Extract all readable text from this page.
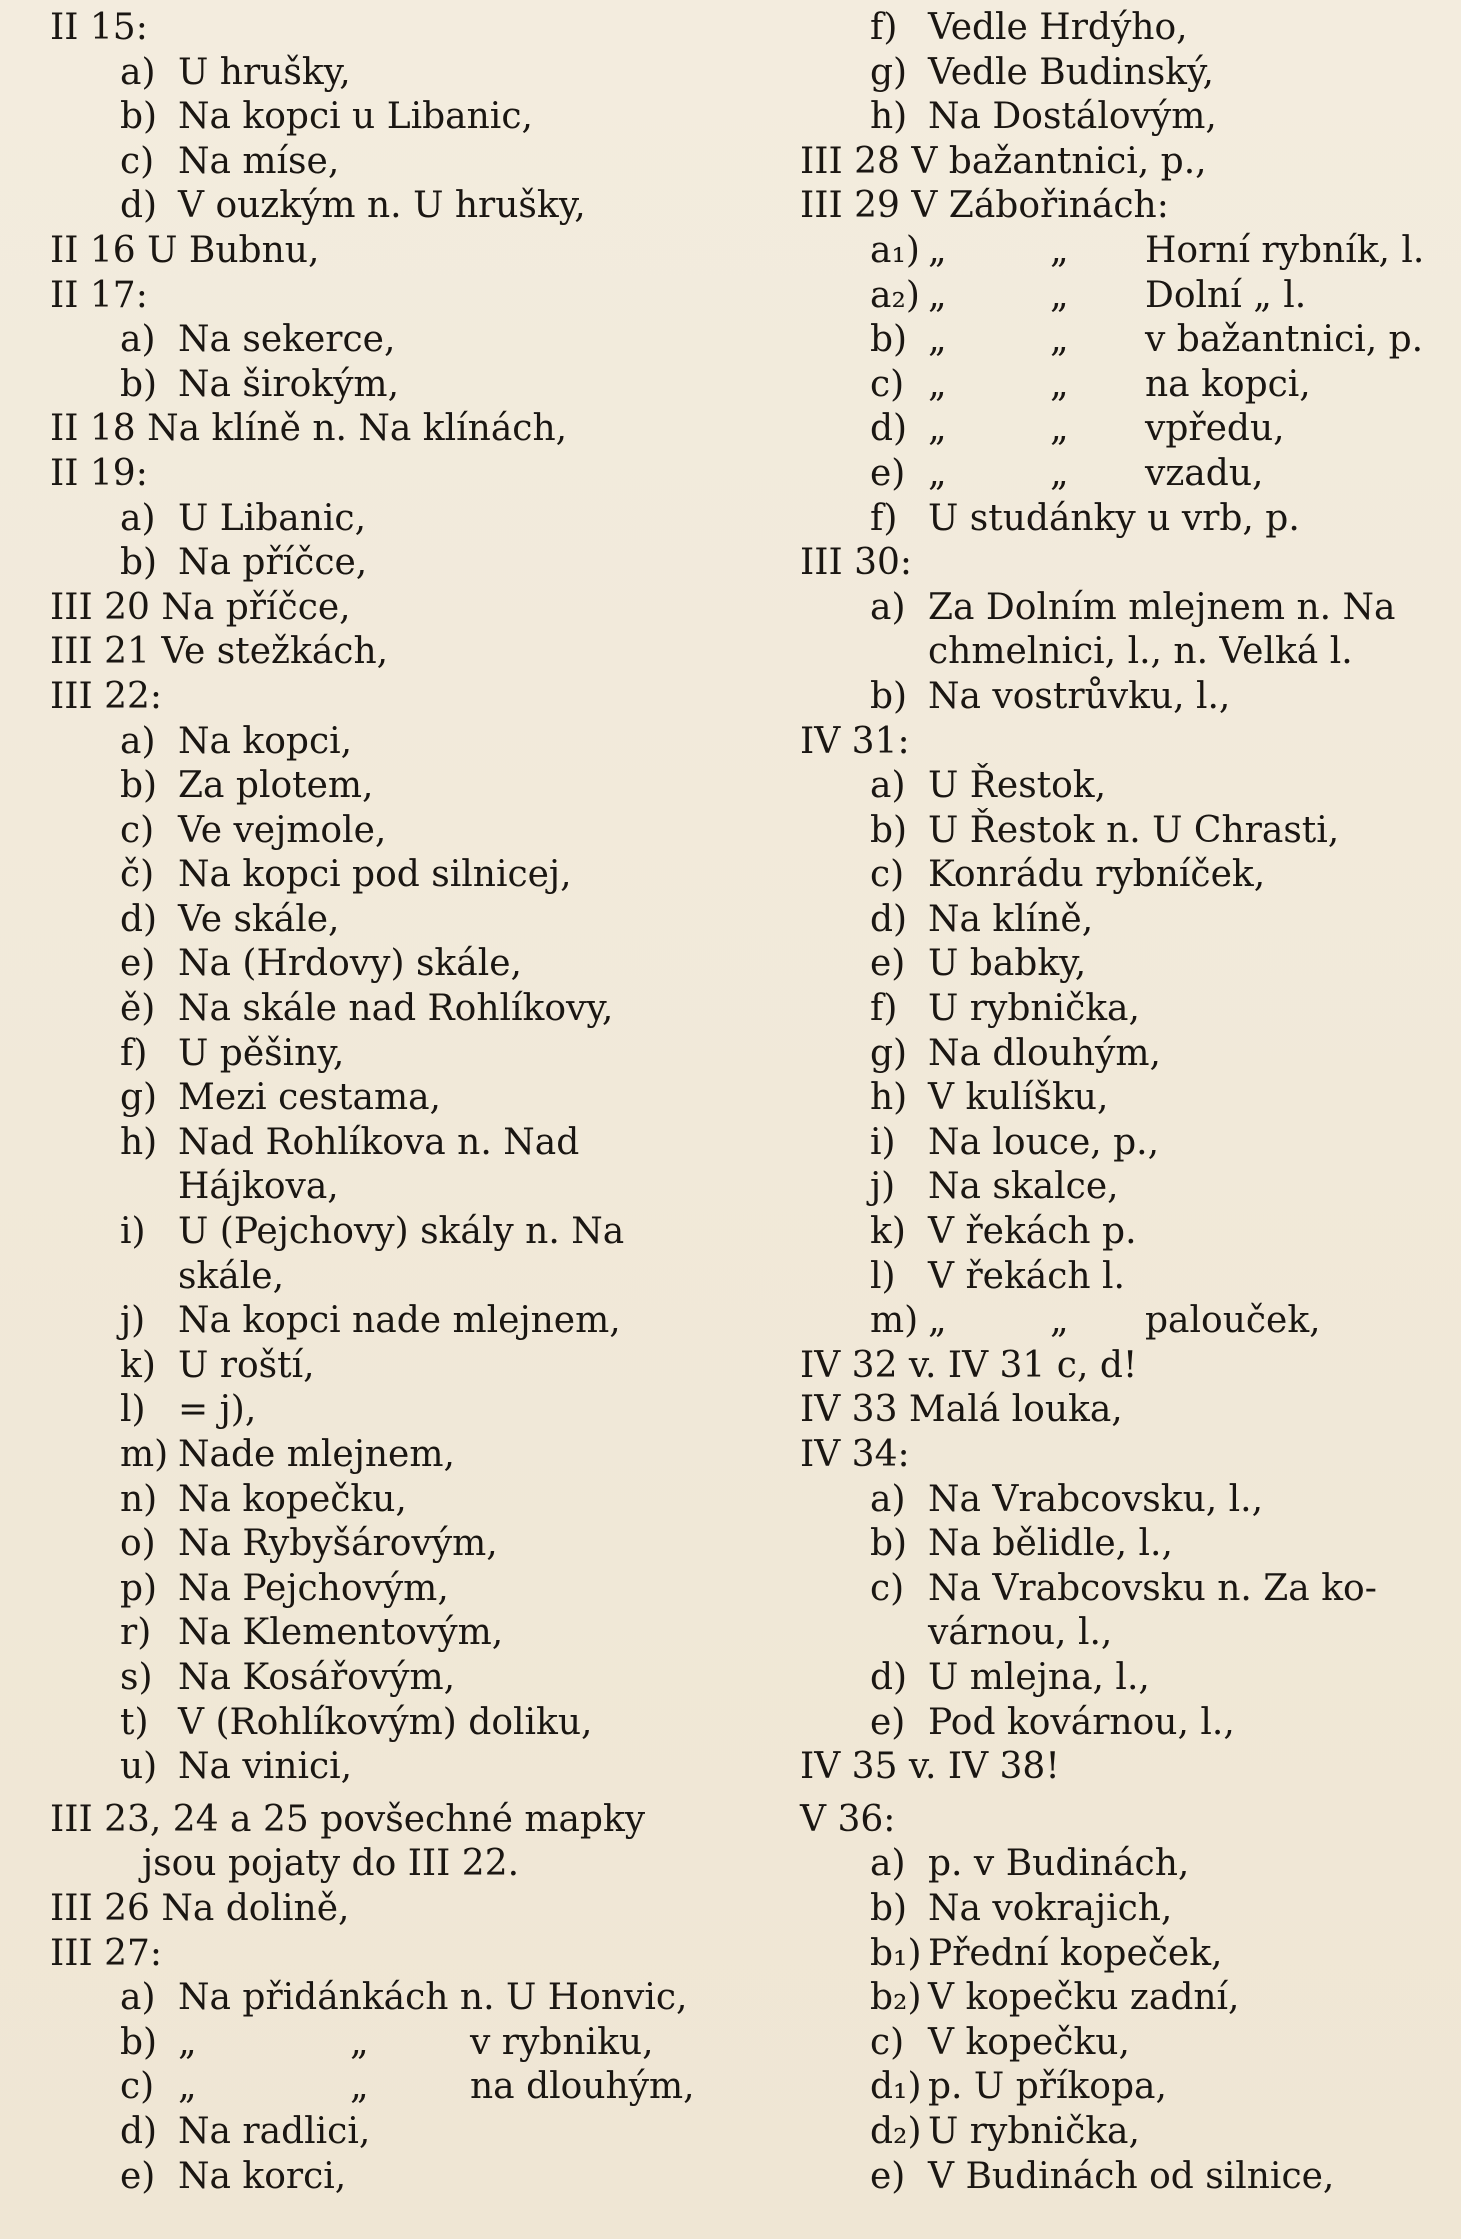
II 15:
a) U hrušky,
b) Na kopci u Libanic,
c) Na míse,
d) V ouzkým n. U hrušky,
II 16 U Bubnu,
II 17:
a) Na sekerce,
b) Na širokým,
II 18 Na klíně n. Na klínách,
II 19:
a) U Libanic,
b) Na příčce,
III 20 Na příčce,
III 21 Ve stežkách,
III 22:
a) Na kopci,
b) Za plotem,
c) Ve vejmole,
č) Na kopci pod silnicej,
d) Ve skále,
e) Na (Hrdovy) skále,
ě) Na skále nad Rohlíkovy,
f) U pěšiny,
g) Mezi cestama,
h) Nad Rohlíkova n. Nad
Hájkova,
i) U (Pejchovy) skály n. Na
skále,
j) Na kopci nade mlejnem,
k) U roští,
l) = j),
m) Nade mlejnem,
n) Na kopečku,
o) Na Rybyšárovým,
p) Na Pejchovým,
r) Na Klementovým,
s) Na Kosářovým,
t) V (Rohlíkovým) doliku,
u) Na vinici,
III 23, 24 a 25 povšechné mapky
jsou pojaty do III 22.
III 26 Na dolině,
III 27:
a) Na přidánkách n. U Honvic,
b) „	„	v rybniku,
c) „	„	na dlouhým,
d) Na radlici,
e) Na korci,
f) Vedle Hrdýho,
g) Vedle Budinský,
h) Na Dostálovým,
III 28 V bažantnici, p.,
III 29 V Zábořinách:
a₁) „	„ Horní rybník, l.
a₂) „	„ Dolní „ l.
b) „	„ v bažantnici, p.
c) „	„ na kopci,
d) „	„ vpředu,
e) „	„ vzadu,
f) U studánky u vrb, p.
III 30:
a) Za Dolním mlejnem n. Na
chmelnici, l., n. Velká l.
b) Na vostrůvku, l.,
IV 31:
a) U Řestok,
b) U Řestok n. U Chrasti,
c) Konrádu rybníček,
d) Na klíně,
e) U babky,
f) U rybnička,
g) Na dlouhým,
h) V kulíšku,
i) Na louce, p.,
j) Na skalce,
k) V řekách p.
l) V řekách l.
m) „	„ palouček,
IV 32 v. IV 31 c, d!
IV 33 Malá louka,
IV 34:
a) Na Vrabcovsku, l.,
b) Na bělidle, l.,
c) Na Vrabcovsku n. Za ko-
várnou, l.,
d) U mlejna, l.,
e) Pod kovárnou, l.,
IV 35 v. IV 38!
V 36:
a) p. v Budinách,
b) Na vokrajich,
b₁) Přední kopeček,
b₂) V kopečku zadní,
c) V kopečku,
d₁) p. U příkopa,
d₂) U rybnička,
e) V Budinách od silnice,
